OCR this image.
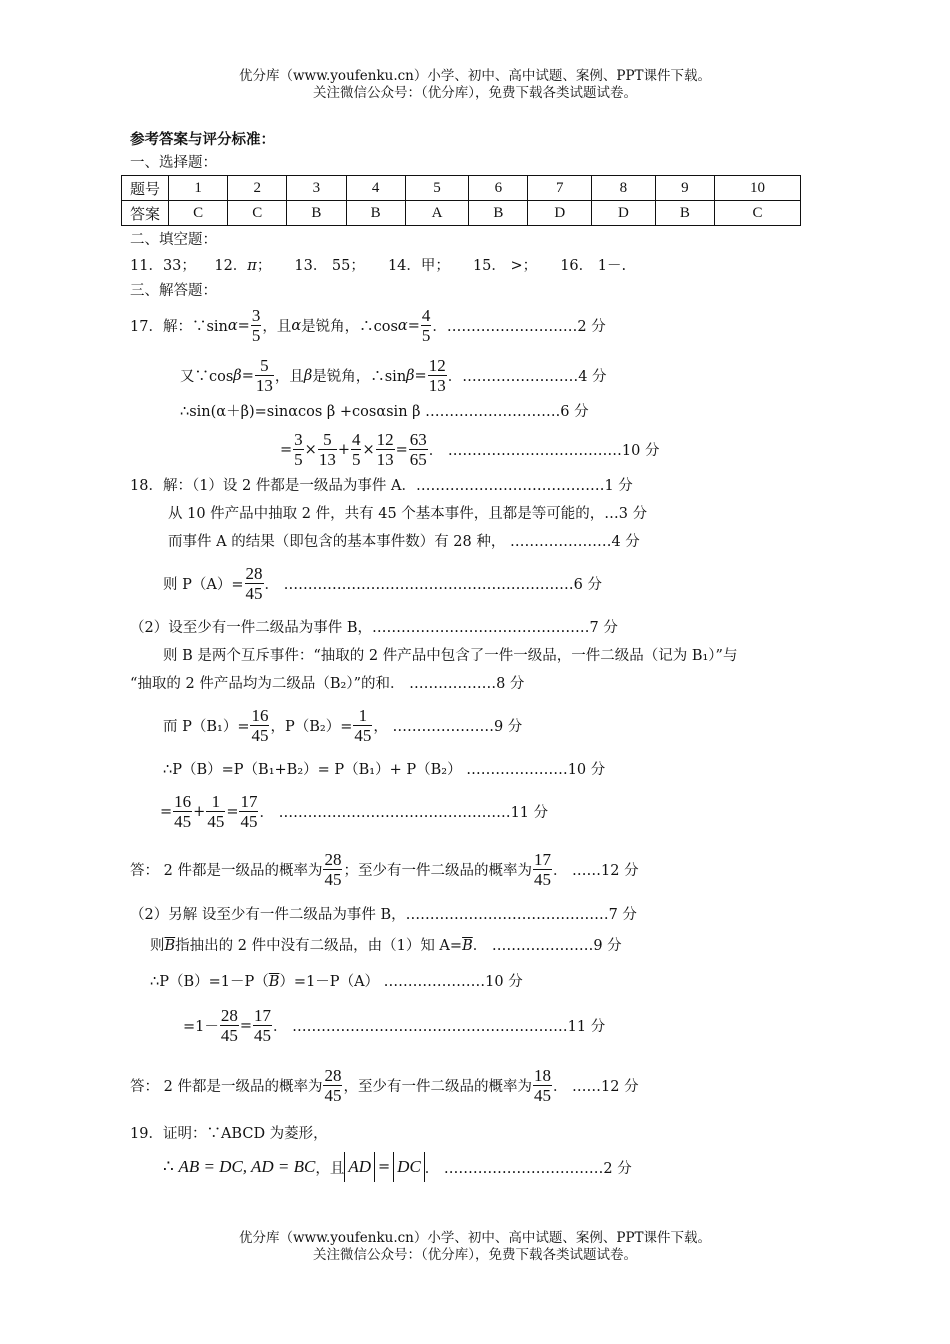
优分库（www.youfenku.cn）小学、初中、高中试题、案例、PPT课件下载。
关注微信公众号：（优分库），免费下载各类试题试卷。
参考答案与评分标准：
一、选择题：
题号	1	2	3	4	5	6	7	8	9	10
答案	C	C	B	B	A	B	D	D	B	C
二、填空题：
11．33； 12．π； 13． 55； 14．甲； 15． >； 16． 1－.
三、解答题：
17．解：∵sin $\alpha = \frac{3}{5}$ ，且 α 是锐角，∴cos $\alpha = \frac{4}{5}$ ．………………………2 分
又∵cos $\beta = \frac{5}{13}$ ，且 β 是锐角，∴sin $\beta = \frac{12}{13}$ ．……………………4 分
∴sin(α＋β)=sinαcos β +cosαsin β ……………………….6 分
= $\frac{3}{5} \times \frac{5}{13} + \frac{4}{5} \times \frac{12}{13} = \frac{63}{65}$ ． ………………………………10 分
18．解：（1）设 2 件都是一级品为事件 A．…………………………………1 分
从 10 件产品中抽取 2 件，共有 45 个基本事件，且都是等可能的，…3 分
而事件 A 的结果（即包含的基本事件数）有 28 种， …………………4 分
则 $P(A)= \frac{28}{45}$ ． ……………………………………………………6 分
（2）设至少有一件二级品为事件 B，………………………………………7 分
则 B 是两个互斥事件：“抽取的 2 件产品中包含了一件一级品，一件二级品（记为 B₁）”与
“抽取的 2 件产品均为二级品（B₂）”的和． ………………8 分
而 $P(B_1)= \frac{16}{45}$ ，$P(B_2)= \frac{1}{45}$ ， …………………9 分
∴P（B）=P（B₁+B₂）= P（B₁）+ P（B₂） …………………10 分
= $\frac{16}{45} + \frac{1}{45} = \frac{17}{45}$ ． …………………………………………11 分
答： 2 件都是一级品的概率为 $\frac{28}{45}$ ；至少有一件二级品的概率为 $\frac{17}{45}$ ． ……12 分
（2）另解 设至少有一件二级品为事件 B，……………………………………7 分
则$\overline{B}$指抽出的 2 件中没有二级品，由（1）知 $A=\overline{B}$． …………………9 分
$\therefore P(B)=1-P(\overline{B})=1-P(A)$ …………………10 分
$=1- \frac{28}{45} = \frac{17}{45}$ ． …………………………………………………11 分
答： 2 件都是一级品的概率为 $\frac{28}{45}$ ，至少有一件二级品的概率为 $\frac{18}{45}$ ． ……12 分
19．证明：∵ABCD 为菱形，
∴
AB = DC, AD = BC ，且 AD = DC ． ……………………………2 分
优分库（www.youfenku.cn）小学、初中、高中试题、案例、PPT课件下载。
关注微信公众号：（优分库），免费下载各类试题试卷。
